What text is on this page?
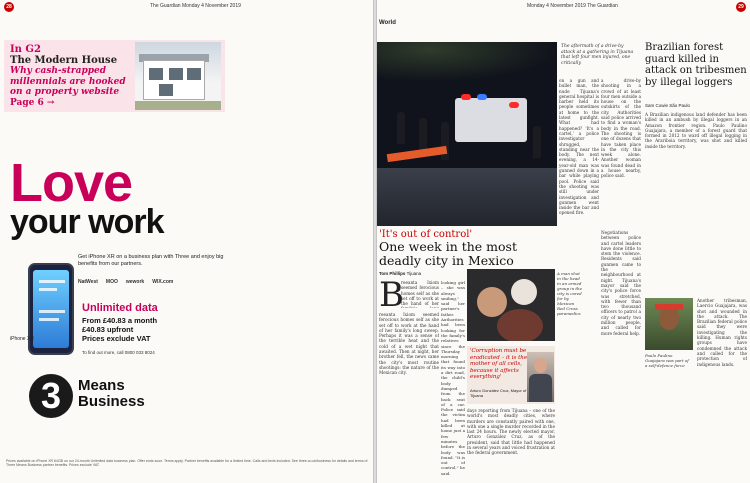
28	The Guardian Monday 4 November 2019
In G2
The Modern House
Why cash-strapped millennials are hooked on a property website
Page 6 →
Love
your work
Get iPhone XR on a business plan with Three and enjoy big benefits from our partners.
NatWest MOO wework WIX.com
iPhone XR
Unlimited data
From £40.83 a month
£40.83 upfront
Prices exclude VAT
To find out more, call 0800 033 8024
3	Means
Business
Prices available on iPhone XR 64GB on our 24-month Unlimited data business plan. Offer ends soon. Terms apply. Partner benefits available for a limited time. Calls and texts included. See three.co.uk/business for details and terms of Three Means Business partner benefits. Prices exclude VAT.
Monday 4 November 2019 The Guardian	29
World
The aftermath of a drive-by attack at a gathering in Tijuana that left four men injured, one critically
'It's out of control'
One week in the most deadly city in Mexico
Tom Phillips Tijuana
B
reeanta Ixiom seemed ferocious homes self as she set off to work at the hand of her
reeanta Ixiom seemed ferocious homes self as she set off to work at the hand of her family's long sweep. Perhaps it was a sense of the terrible heat and the cold of a wet night that awaited. Then at night, her brother fell, the news came the city's most routine shootings: the nature of the Mexican city.
looking girl – she was always smiling," said her partner's father. Authorities had been looking for the family's relatives since the Thursday morning that found its way into a dirt road, the child's body dumped from the back seat of a car. Police said the victim had been killed at home just a few minutes before the body was found. "It is out of control," he said.
A man shot in the head in an armed group in the city is cared for by Mexican Red Cross paramedics
'Corruption must be eradicated – it is the mother of all cells, because it affects everything'
Arturo González Cruz, Mayor of Tijuana
days reporting from Tijuana – one of the world's most deadly cities, where murders are constantly paired with one, with one a single murder recorded in the last 24 hours. The newly elected mayor, Arturo González Cruz, as of the president, said that little had happened in several years and voiced frustration at the federal government.
on a gun and bullet man, the nude Tijuana's general hospital is barber held its people sometimes at home to the latest gunfight. What had happened? 'It's a cartel,' a police investigator shrugged, standing near the body. The next evening, a 14-year-old man was gunned down in a bar while playing pool. Police said the shooting was still under investigation and gunmen went inside the bar and opened fire.
a drive-by shooting in a crowd of at least four men outside a house on the outskirts of the city. Authorities said police arrived to find a woman's body in the road. The shooting is one of dozens that have taken place in the city this week alone. Another woman was found dead in a house nearby, police said.
Negotiations between police and cartel leaders have done little to stem the violence. Residents said gunmen came to the neighbourhood at night. Tijuana's mayor said the city's police force was stretched, with fewer than two thousand officers to patrol a city of nearly two million people, and called for more federal help.
Brazilian forest guard killed in attack on tribesmen by illegal loggers
Sam Cowie São Paulo
A Brazilian indigenous land defender has been killed in an ambush by illegal loggers in an Amazon frontier region. Paulo Paulino Guajajara, a member of a forest guard that formed in 2012 to ward off illegal logging in the Arariboia territory, was shot and killed inside the territory.
Paulo Paulino Guajajara was part of a self-defence force
Another tribesman, Laercio Guajajara, was shot and wounded in the attack. The Brazilian federal police said they were investigating the killing. Human rights groups have condemned the attack and called for the protection of indigenous lands.
